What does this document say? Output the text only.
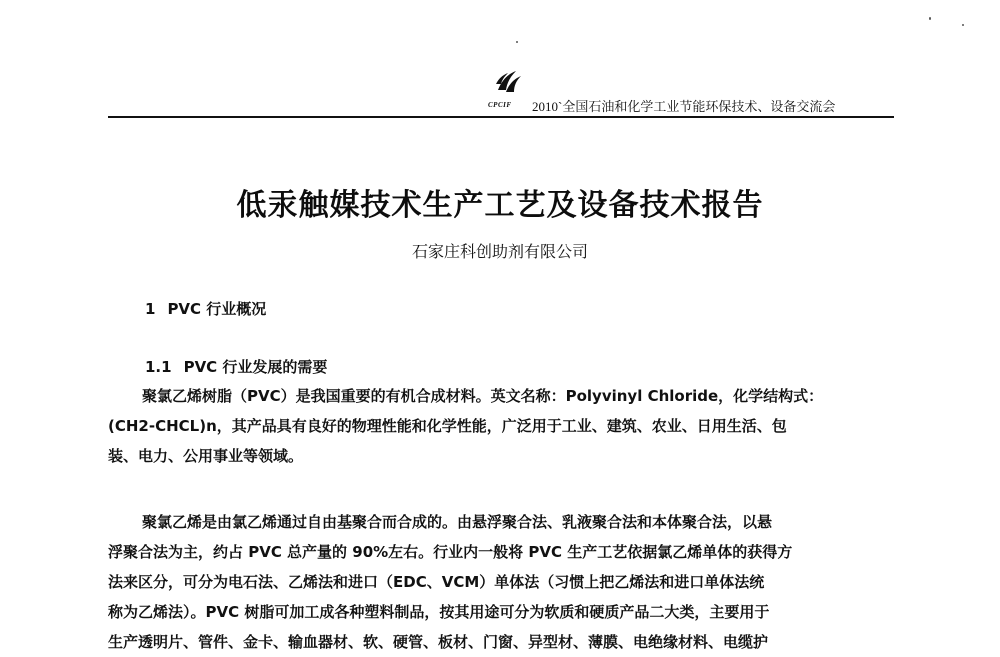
CPCIF 2010`全国石油和化学工业节能环保技术、设备交流会
低汞触媒技术生产工艺及设备技术报告
石家庄科创助剂有限公司
1 PVC 行业概况
1.1 PVC 行业发展的需要
聚氯乙烯树脂（PVC）是我国重要的有机合成材料。英文名称：Polyvinyl Chloride，化学结构式：
(CH2-CHCL)n，其产品具有良好的物理性能和化学性能，广泛用于工业、建筑、农业、日用生活、包
装、电力、公用事业等领域。
聚氯乙烯是由氯乙烯通过自由基聚合而合成的。由悬浮聚合法、乳液聚合法和本体聚合法，以悬
浮聚合法为主，约占 PVC 总产量的 90%左右。行业内一般将 PVC 生产工艺依据氯乙烯单体的获得方
法来区分，可分为电石法、乙烯法和进口（EDC、VCM）单体法（习惯上把乙烯法和进口单体法统
称为乙烯法）。PVC 树脂可加工成各种塑料制品，按其用途可分为软质和硬质产品二大类，主要用于
生产透明片、管件、金卡、输血器材、软、硬管、板材、门窗、异型材、薄膜、电绝缘材料、电缆护
